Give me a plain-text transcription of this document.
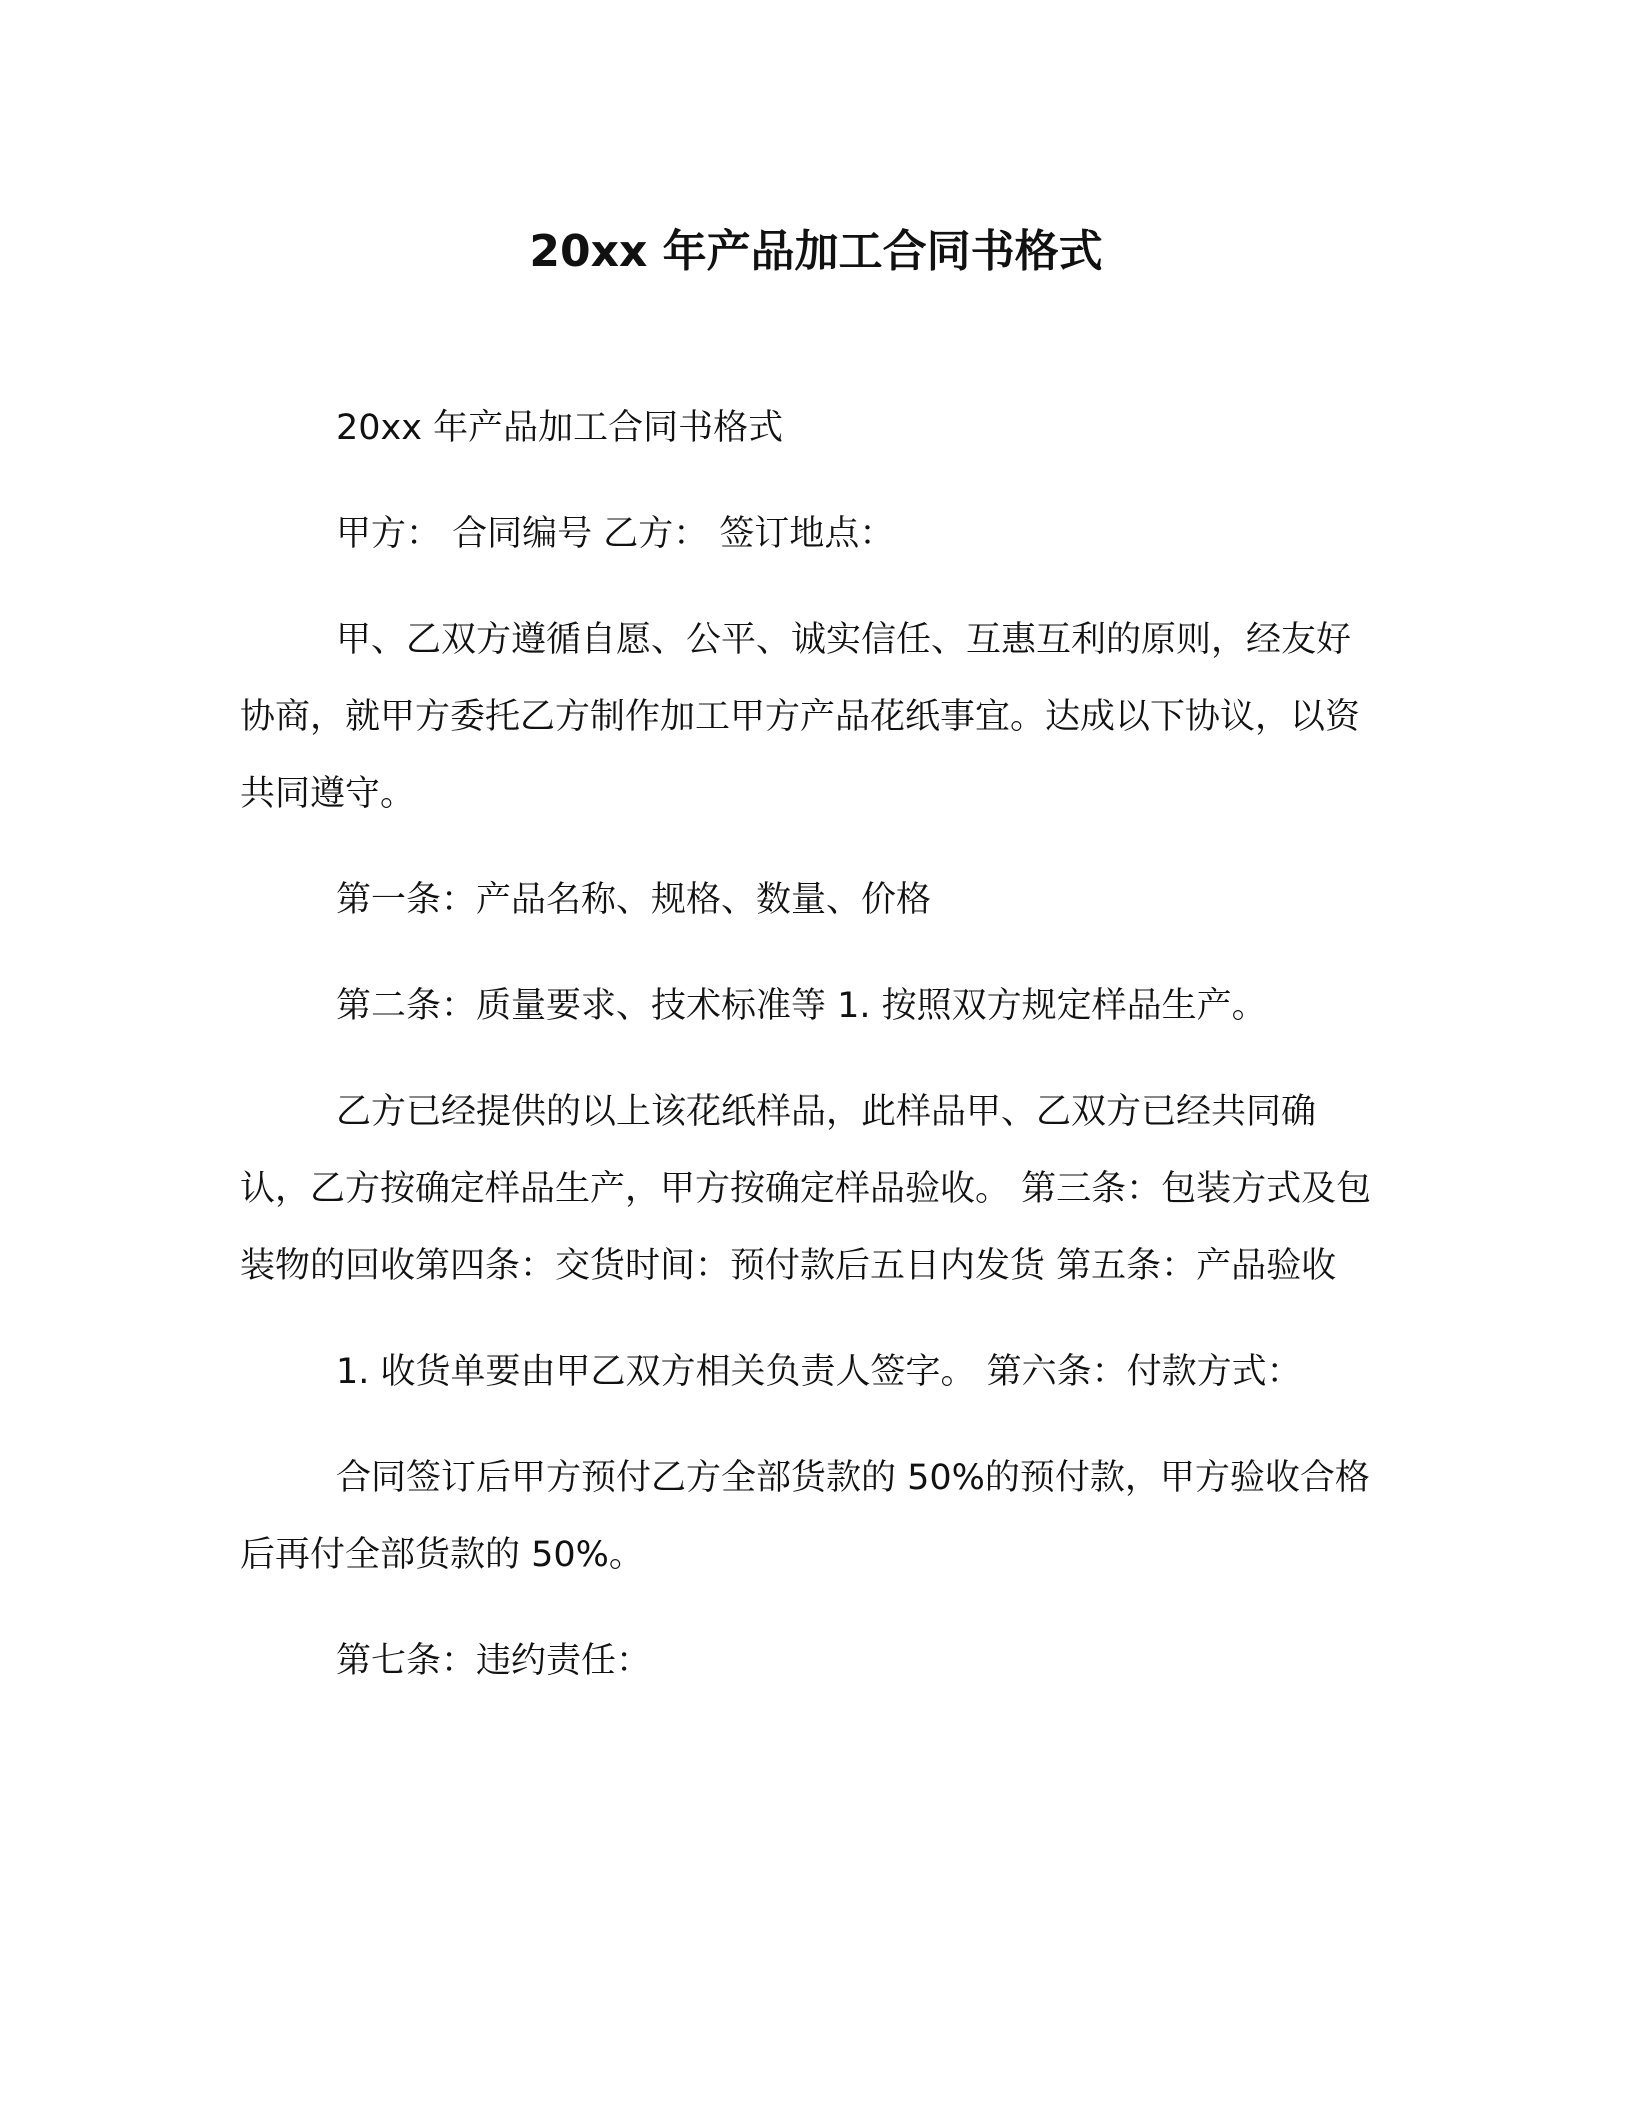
20xx 年产品加工合同书格式

20xx 年产品加工合同书格式

甲方： 合同编号 乙方： 签订地点：

甲、乙双方遵循自愿、公平、诚实信任、互惠互利的原则，经友好协商，就甲方委托乙方制作加工甲方产品花纸事宜。达成以下协议，以资共同遵守。

第一条：产品名称、规格、数量、价格

第二条：质量要求、技术标准等 1. 按照双方规定样品生产。

乙方已经提供的以上该花纸样品，此样品甲、乙双方已经共同确认，乙方按确定样品生产，甲方按确定样品验收。 第三条：包装方式及包装物的回收第四条：交货时间：预付款后五日内发货 第五条：产品验收

1. 收货单要由甲乙双方相关负责人签字。 第六条：付款方式：

合同签订后甲方预付乙方全部货款的 50%的预付款，甲方验收合格后再付全部货款的 50%。

第七条：违约责任：
